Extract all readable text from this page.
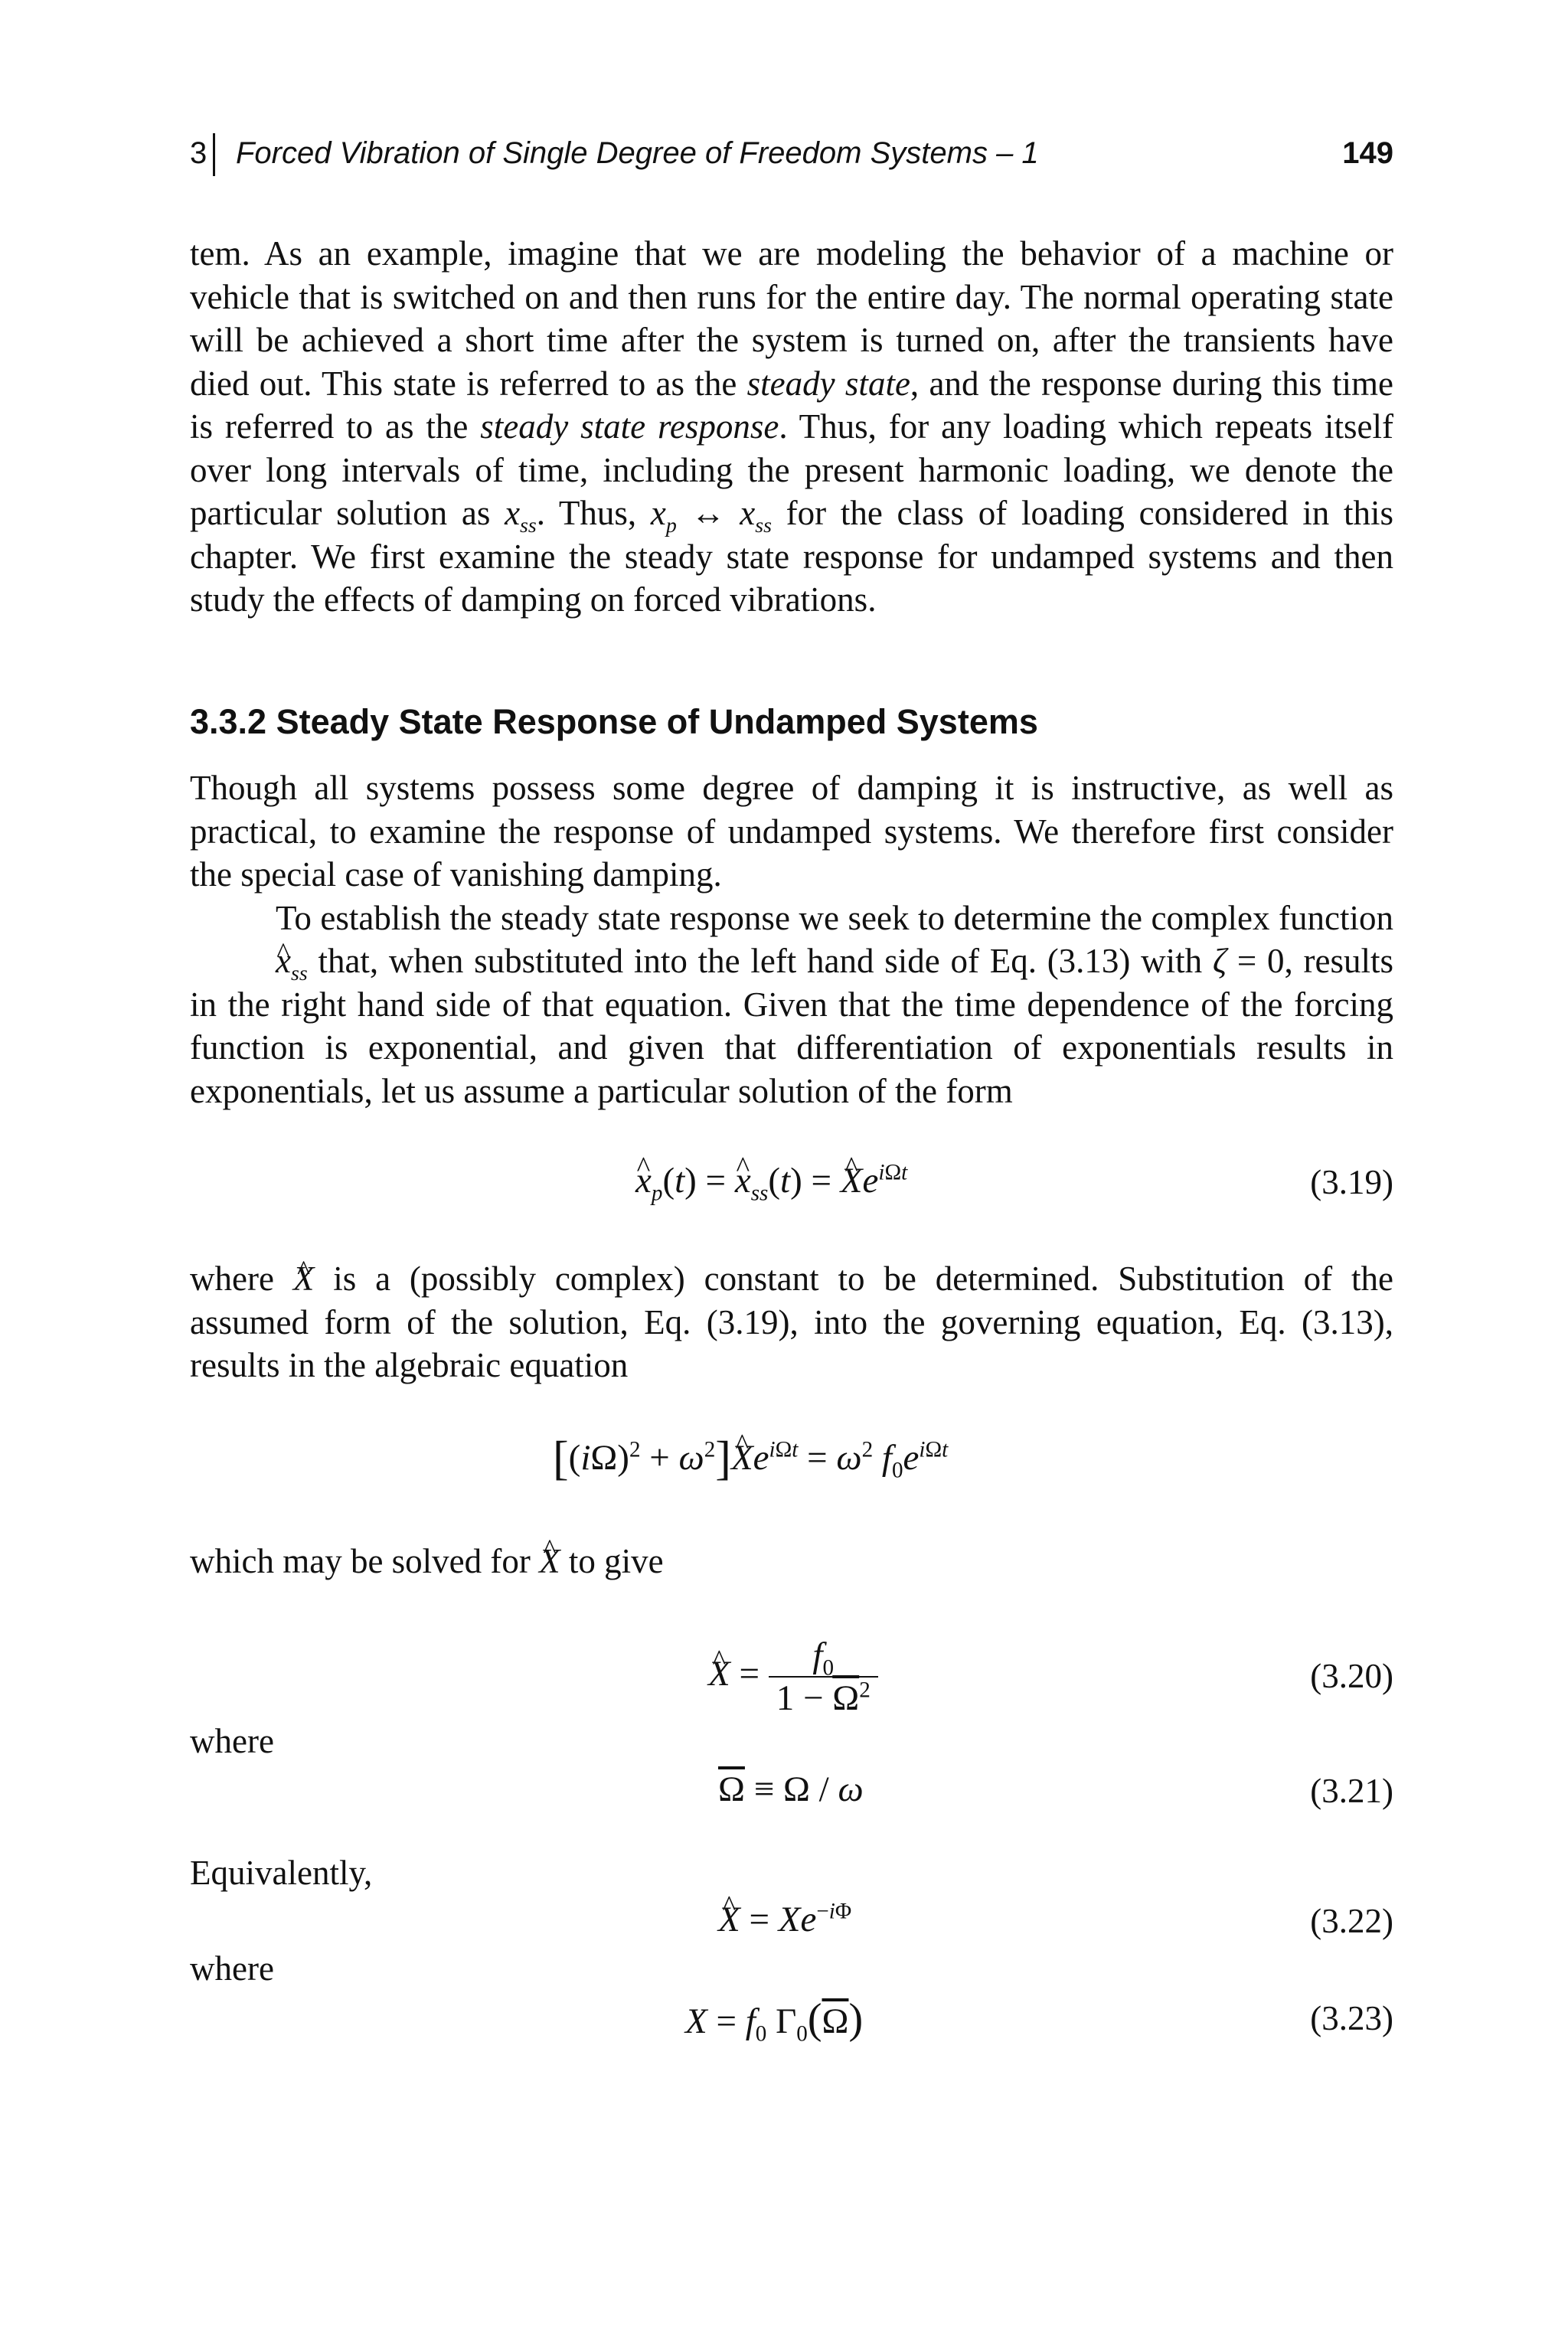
3 Forced Vibration of Single Degree of Freedom Systems – 1	149

tem. As an example, imagine that we are modeling the behavior of a machine or vehicle that is switched on and then runs for the entire day. The normal operating state will be achieved a short time after the system is turned on, after the transients have died out. This state is referred to as the steady state, and the response during this time is referred to as the steady state response. Thus, for any loading which repeats itself over long intervals of time, including the present harmonic loading, we denote the particular solution as $x_{ss}$. Thus, $x_p$ ↔ $x_{ss}$ for the class of loading considered in this chapter. We first examine the steady state response for undamped systems and then study the effects of damping on forced vibrations.

3.3.2 Steady State Response of Undamped Systems

Though all systems possess some degree of damping it is instructive, as well as practical, to examine the response of undamped systems. We therefore first consider the special case of vanishing damping.

To establish the steady state response we seek to determine the complex function ^ $x_{ss}$ that, when substituted into the left hand side of Eq. (3.13) with ζ = 0, results in the right hand side of that equation. Given that the time dependence of the forcing function is exponential, and given that differentiation of exponentials results in exponentials, let us assume a particular solution of the form

^ $x_p(t)$ = ^ $x_{ss}(t)$ = ^ $Xe^{i\Omega t}$	(3.19)

where ^ X is a (possibly complex) constant to be determined. Substitution of the assumed form of the solution, Eq. (3.19), into the governing equation, Eq. (3.13), results in the algebraic equation

[$(i\Omega)^2$ + $\omega^2]\^{}$ $Xe^{i\Omega t} = \omega^2$ $f_0e^{i\Omega t}$
which may be solved for ^ X to give
^ $X = \frac{f_0}{1 - \overline{\Omega}^2}$	(3.20)
where
$\overline{\Omega} \equiv \Omega / \omega$	(3.21)
Equivalently,
^ $X = Xe^{-i\Phi}$	(3.22)
where
$X = f_0$ $\Gamma_0(\overline{\Omega})$	(3.23)
